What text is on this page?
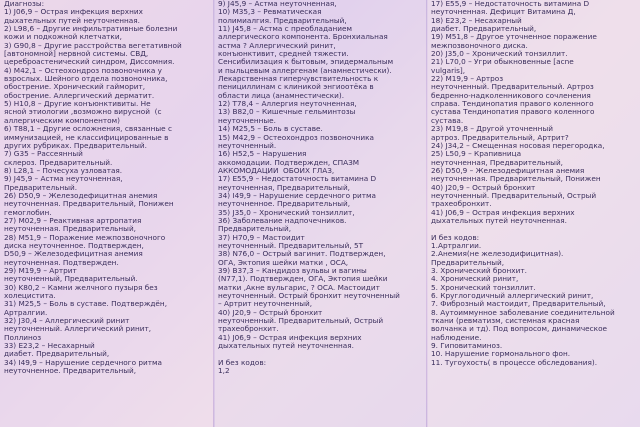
Диагнозы:
1) J06,9 – Острая инфекция верхних
дыхательных путей неуточненная.
2) L98,6 – Другие инфильтративные болезни
кожи и подкожной клетчатки,
3) G90,8 – Другие расстройства вегетативной
[автономной] нервной системы. СВД,
цереброастенический синдром, Диссомния.
4) M42,1 – Остеохондроз позвоночника у
взрослых. Шейного отдела позвоночника,
обострение. Хронический гайморит,
обострение. Аллергический дерматит.
5) H10,8 – Другие конъюнктивиты. Не
ясной этиологии ,возможно вирусной  (с
аллергическим компонентом)
6) T88,1 – Другие осложнения, связанные с
иммунизацией, не классифицированные в
других рубриках. Предварительный.
7) G35 – Рассеянный
склероз. Предварительный.
8) L28,1 – Почесуха узловатая.
9) J45,9 – Астма неуточненная,
Предварительный.
26) D50,9 – Железодефицитная анемия
неуточненная. Предварительный, Понижен
гемоглобин.
27) M02,9 – Реактивная артропатия
неуточненная. Предварительный,
28) M51,9 – Поражение межпозвоночного
диска неуточненное. Подтвержден,
D50,9 – Железодефицитная анемия
неуточненная. Подтвержден.
29) M19,9 – Артрит
неуточненный, Предварительный.
30) K80,2 – Камни желчного пузыря без
холецистита.
31) M25,5 – Боль в суставе. Подтверждён,
Артралгии.
32) J30,4 – Аллергический ринит
неуточненный. Аллергический ринит,
Поллиноз
33) E23,2 – Несахарный
диабет. Предварительный,
34) I49,9 – Нарушение сердечного ритма
неуточненное. Предварительный,
9) J45,9 – Астма неуточненная,
10) M35,3 – Ревматическая
полимиалгия. Предварительный,
11) J45,8 – Астма с преобладанием
аллергического компонента. Бронхиальная
астма ? Аллергический ринит,
конъюнктивит, средней тяжести.
Сенсибилизация к бытовым, эпидермальным
и пыльцевым аллергенам (анамнестически).
Лекарственная гиперчувствительность к
пенициллинам с клиникой энгиоотёка в
области лица (анамнестически).
12) T78,4 – Аллергия неуточненная,
13) B82,0 – Кишечные гельминтозы
неуточненные.
14) M25,5 – Боль в суставе.
15) M42,9 – Остеохондроз позвоночника
неуточненный.
16) H52,5 – Нарушения
аккомодации. Подтвержден, СПАЗМ
АККОМОДАЦИИ  ОБОИХ ГЛАЗ,
17) E55,9 – Недостаточность витамина D
неуточненная, Предварительный,
34) I49,9 – Нарушение сердечного ритма
неуточненное. Предварительный,
35) J35,0 – Хронический тонзиллит,
36) Заболевание надпочечников.
Предварительный,
37) H70,9 – Мастоидит
неуточненный. Предварительный, 5Т
38) N76,0 – Острый вагинит. Подтвержден,
ОГА, Эктопия шейки матки , ОСА,
39) B37,3 – Кандидоз вульвы и вагины
(N77,1). Подтвержден, ОГА, Эктопия шейки
матки ,Акне вульгарис, ? ОСА. Мастоидит
неуточненный. Острый бронхит неуточненный
– Артрит неуточненный,
40) J20,9 – Острый бронхит
неуточненный. Предварительный, Острый
трахеобронхит.
41) J06,9 – Острая инфекция верхних
дыхательных путей неуточненная.
И без кодов:
1,2
17) E55,9 – Недостаточность витамина D
неуточненная. Дефицит Витамина Д,
18) E23,2 – Несахарный
диабет. Предварительный,
19) M51,8 – Другое уточненное поражение
межпозвоночного диска.
20) J35,0 – Хронический тонзиллит.
21) L70,0 – Угри обыкновенные [acne
vulgaris],
22) M19,9 – Артроз
неуточненный. Предварительный. Артроз
бедренно-надколенникового сочленения
справа. Тендинопатия правого коленного
сустава Тендинопатия правого коленного
сустава.
23) M19,8 – Другой уточненный
артроз. Предварительный, Артрит?
24) J34,2 – Смещенная носовая перегородка,
25) L50,9 – Крапивница
неуточненная, Предварительный,
26) D50,9 – Железодефицитная анемия
неуточненная. Предварительный, Понижен
40) J20,9 – Острый бронхит
неуточненный. Предварительный, Острый
трахеобронхит.
41) J06,9 – Острая инфекция верхних
дыхательных путей неуточненная.
И без кодов:
1.Артралгии.
2.Анемия(не железодифицитная).
Предварительный,
3. Хронический бронхит.
4. Хронический ринит,
5. Хронический тонзиллит.
6. Круглогодичный аллергический ринит,
7. Фиброзный мастоидит, Предварительный,
8. Аутоиммунное заболевание соединительной
ткани (ревматизм, системная красная
волчанка и тд). Под вопросом, динамическое
наблюдение.
9. Гиповитаминоз.
10. Нарушение гормонального фон.
11. Тугоухость( в процессе обследования).
